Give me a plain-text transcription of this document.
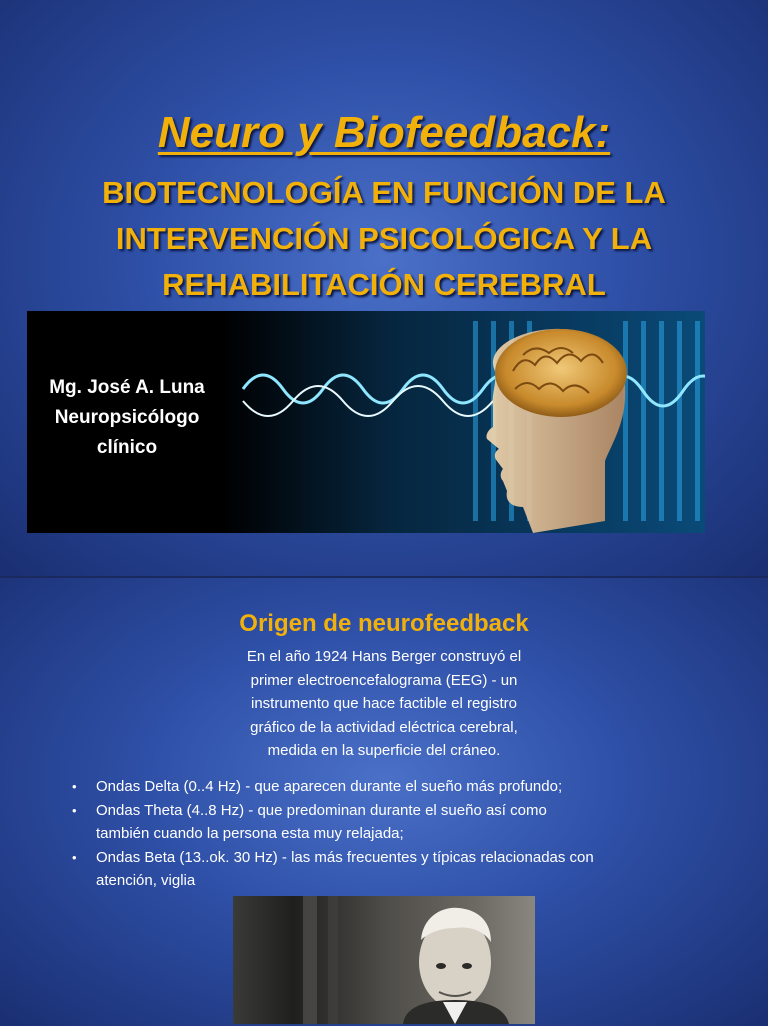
Neuro y Biofeedback:
BIOTECNOLOGÍA EN FUNCIÓN DE LA
INTERVENCIÓN PSICOLÓGICA Y LA
REHABILITACIÓN CEREBRAL
Mg. José A. Luna
Neuropsicólogo
clínico
Origen de neurofeedback
En el año 1924 Hans Berger construyó el
primer electroencefalograma (EEG) - un
instrumento que hace factible el registro
gráfico de la actividad eléctrica cerebral,
medida en la superficie del cráneo.
• Ondas Delta (0..4 Hz) - que aparecen durante el sueño más profundo;
• Ondas Theta (4..8 Hz) - que predominan durante el sueño así como
también cuando la persona esta muy relajada;
• Ondas Beta (13..ok. 30 Hz) - las más frecuentes y típicas relacionadas con
atención, viglia
